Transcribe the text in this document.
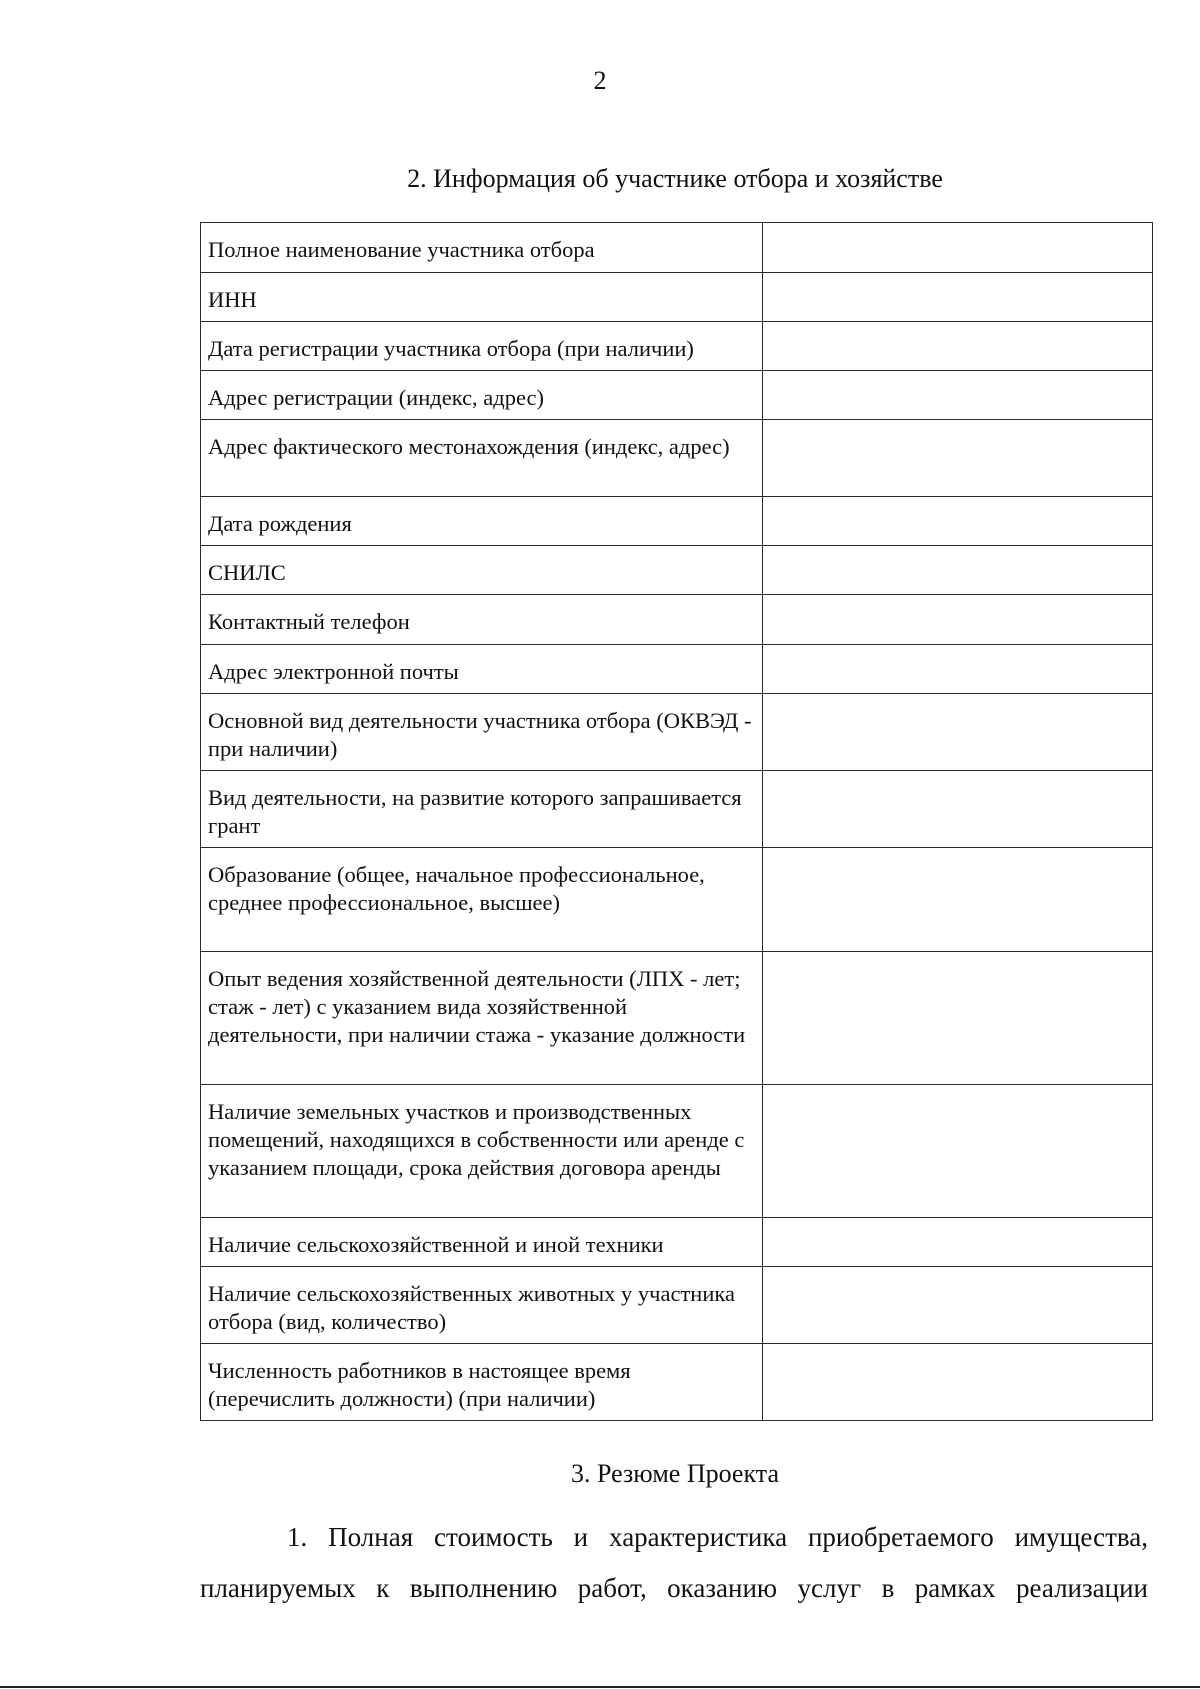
2
2. Информация об участнике отбора и хозяйстве
Полное наименование участника отбора	
ИНН	
Дата регистрации участника отбора (при наличии)	
Адрес регистрации (индекс, адрес)	
Адрес фактического местонахождения (индекс, адрес)	
Дата рождения	
СНИЛС	
Контактный телефон	
Адрес электронной почты	
Основной вид деятельности участника отбора (ОКВЭД - при наличии)	
Вид деятельности, на развитие которого запрашивается грант	
Образование (общее, начальное профессиональное, среднее профессиональное, высшее)	
Опыт ведения хозяйственной деятельности (ЛПХ - лет; стаж - лет) с указанием вида хозяйственной деятельности, при наличии стажа - указание должности	
Наличие земельных участков и производственных помещений, находящихся в собственности или аренде с указанием площади, срока действия договора аренды	
Наличие сельскохозяйственной и иной техники	
Наличие сельскохозяйственных животных у участника отбора (вид, количество)	
Численность работников в настоящее время (перечислить должности) (при наличии)	
3. Резюме Проекта
1. Полная стоимость и характеристика приобретаемого имущества,
планируемых к выполнению работ, оказанию услуг в рамках реализации
